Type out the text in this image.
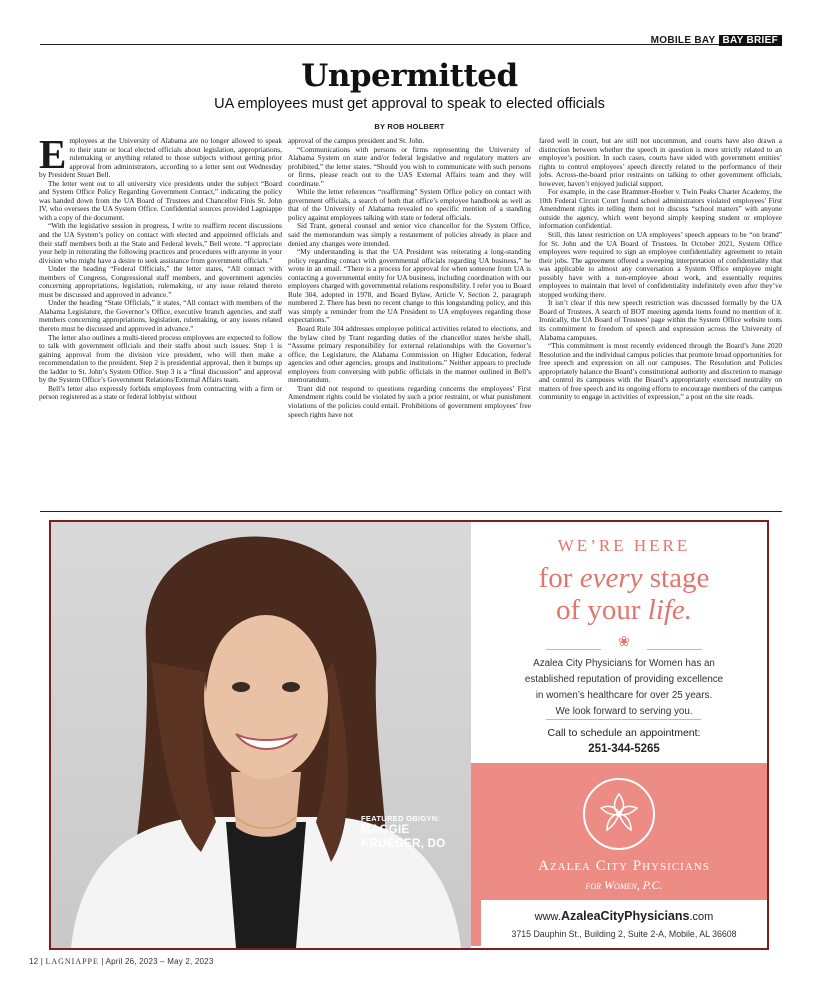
MOBILE BAY BAY BRIEF
Unpermitted
UA employees must get approval to speak to elected officials
BY ROB HOLBERT

Employees at the University of Alabama are no longer allowed to speak to their state or local elected officials about legislation, appropriations, rulemaking or anything related to those subjects without getting prior approval from administrators, according to a letter sent out Wednesday by President Stuart Bell.

The letter went out to all university vice presidents under the subject “Board and System Office Policy Regarding Government Contact,” indicating the policy was handed down from the UA Board of Trustees and Chancellor Finis St. John IV, who oversees the UA System Office. Confidential sources provided Lagniappe with a copy of the document.

“With the legislative session in progress, I write to reaffirm recent discussions and the UA System’s policy on contact with elected and appointed officials and their staff members both at the State and Federal levels,” Bell wrote. “I appreciate your help in reiterating the following practices and procedures with anyone in your division who might have a desire to seek assistance from government officials.”

Under the heading “Federal Officials,” the letter states, “All contact with members of Congress, Congressional staff members, and government agencies concerning appropriations, legislation, rulemaking, or any issue related thereto must be discussed and approved in advance.”

Under the heading “State Officials,” it states, “All contact with members of the Alabama Legislature, the Governor’s Office, executive branch agencies, and staff members concerning appropriations, legislation, rulemaking, or any issues related thereto must be discussed and approved in advance.”

The letter also outlines a multi-tiered process employees are expected to follow to talk with government officials and their staffs about such issues. Step 1 is gaining approval from the division vice president, who will then make a recommendation to the president. Step 2 is presidential approval, then it bumps up the ladder to St. John’s System Office. Step 3 is a “final discussion” and approval by the System Office’s Government Relations/External Affairs team.

Bell’s letter also expressly forbids employees from contracting with a firm or person registered as a state or federal lobbyist without

approval of the campus president and St. John.

“Communications with persons or firms representing the University of Alabama System on state and/or federal legislative and regulatory matters are prohibited,” the letter states. “Should you wish to communicate with such persons or firms, please reach out to the UAS External Affairs team and they will coordinate.”

While the letter references “reaffirming” System Office policy on contact with government officials, a search of both that office’s employee handbook as well as that of the University of Alabama revealed no specific mention of a standing policy against employees talking with state or federal officials.

Sid Trant, general counsel and senior vice chancellor for the System Office, said the memorandum was simply a restatement of policies already in place and denied any changes were intended.

“My understanding is that the UA President was reiterating a long-standing policy regarding contact with governmental officials regarding UA business,” he wrote in an email. “There is a process for approval for when someone from UA is contacting a governmental entity for UA business, including coordination with our employees charged with governmental relations responsibility. I refer you to Board Rule 304, adopted in 1978, and Board Bylaw, Article V, Section 2, paragraph numbered 2. There has been no recent change to this longstanding policy, and this was simply a reminder from the UA President to UA employees regarding those expectations.”

Board Rule 304 addresses employee political activities related to elections, and the bylaw cited by Trant regarding duties of the chancellor states he/she shall, “Assume primary responsibility for external relationships with the Governor’s office, the Legislature, the Alabama Commission on Higher Education, federal agencies and other agencies, groups and institutions.” Neither appears to preclude employees from conversing with public officials in the manner outlined in Bell’s memorandum.

Trant did not respond to questions regarding concerns the employees’ First Amendment rights could be violated by such a prior restraint, or what punishment violations of the policies could entail. Prohibitions of government employees’ free speech rights have not

fared well in court, but are still not uncommon, and courts have also drawn a distinction between whether the speech in question is more strictly related to an employee’s position. In such cases, courts have sided with government entities’ rights to control employees’ speech directly related to the performance of their jobs. Across-the-board prior restraints on talking to other government officials, however, haven’t enjoyed judicial support.

For example, in the case Brammer-Hoelter v. Twin Peaks Charter Academy, the 10th Federal Circuit Court found school administrators violated employees’ First Amendment rights in telling them not to discuss “school matters” with anyone outside the agency, which went beyond simply keeping student or employee information confidential.

Still, this latest restriction on UA employees’ speech appears to be “on brand” for St. John and the UA Board of Trustees. In October 2021, System Office employees were required to sign an employee confidentiality agreement to retain their jobs. The agreement offered a sweeping interpretation of confidentiality that was applicable to almost any conversation a System Office employee might possibly have with a non-employee about work, and essentially requires employees to maintain that level of confidentiality indefinitely even after they’ve stopped working there.

It isn’t clear if this new speech restriction was discussed formally by the UA Board of Trustees. A search of BOT meeting agenda items found no mention of it. Ironically, the UA Board of Trustees’ page within the System Office website touts its commitment to freedom of speech and expression across the University of Alabama campuses.

“This commitment is most recently evidenced through the Board’s June 2020 Resolution and the individual campus policies that promote broad opportunities for free speech and expression on all our campuses. The Resolution and Policies appropriately balance the Board’s constitutional authority and discretion to manage and control its campuses with the Board’s appropriately exercised neutrality on matters of free speech and its ongoing efforts to encourage members of the campus community to engage in activities of expression,” a post on the site reads.

WE’RE HERE
for every stage
of your life.
❀
Azalea City Physicians for Women has an
established reputation of providing excellence
in women’s healthcare for over 25 years.
We look forward to serving you.
Call to schedule an appointment:
251-344-5265
FEATURED OB/GYN:
MAGGIE
KRUEGER, DO
Azalea City Physicians
for Women, P.C.
www.AzaleaCityPhysicians.com
3715 Dauphin St., Building 2, Suite 2-A, Mobile, AL 36608
12 | LAGNIAPPE | April 26, 2023 – May 2, 2023
